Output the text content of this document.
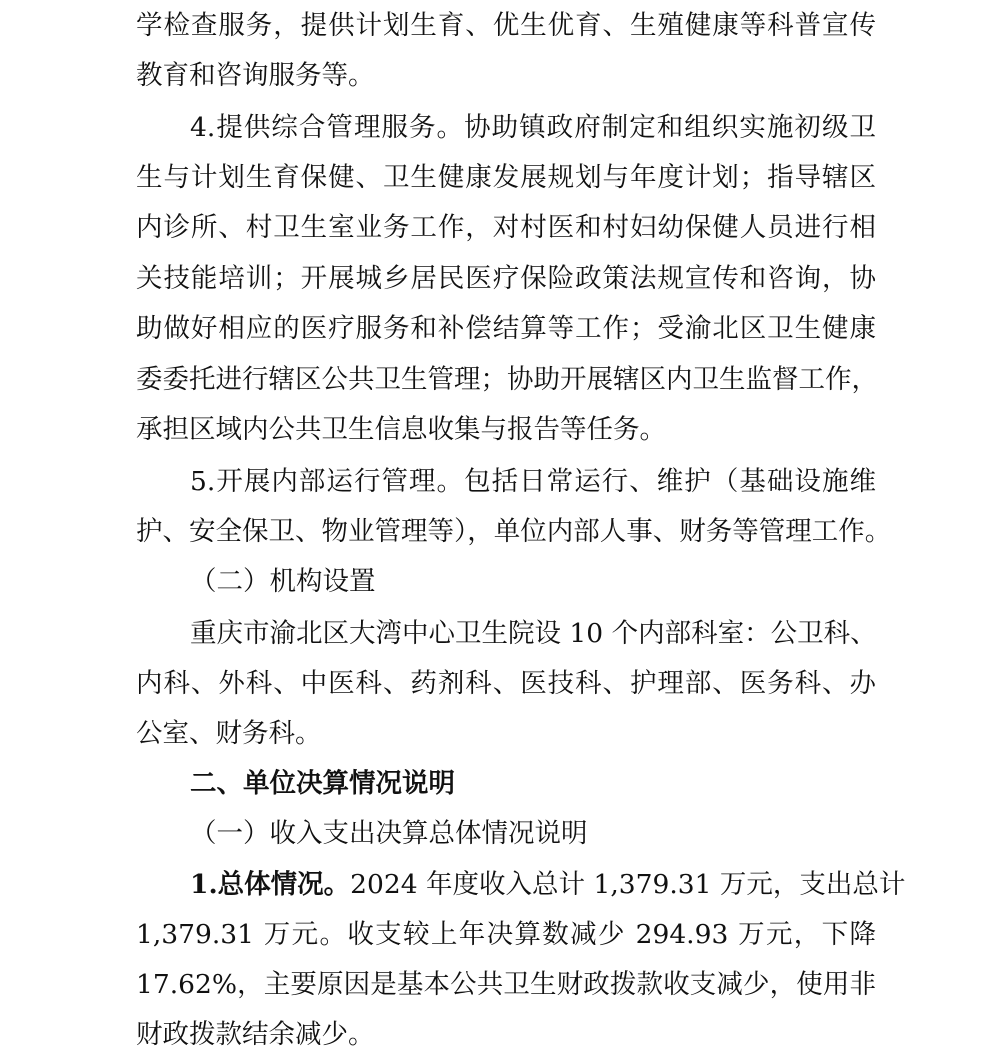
学检查服务，提供计划生育、优生优育、生殖健康等科普宣传
教育和咨询服务等。
4.提供综合管理服务。协助镇政府制定和组织实施初级卫
生与计划生育保健、卫生健康发展规划与年度计划；指导辖区
内诊所、村卫生室业务工作，对村医和村妇幼保健人员进行相
关技能培训；开展城乡居民医疗保险政策法规宣传和咨询，协
助做好相应的医疗服务和补偿结算等工作；受渝北区卫生健康
委委托进行辖区公共卫生管理；协助开展辖区内卫生监督工作，
承担区域内公共卫生信息收集与报告等任务。
5.开展内部运行管理。包括日常运行、维护（基础设施维
护、安全保卫、物业管理等），单位内部人事、财务等管理工作。
（二）机构设置
重庆市渝北区大湾中心卫生院设 10 个内部科室：公卫科、
内科、外科、中医科、药剂科、医技科、护理部、医务科、办
公室、财务科。
二、单位决算情况说明
（一）收入支出决算总体情况说明
1.总体情况。 2024 年度收入总计 1,379.31 万元，支出总计
1,379.31 万元。收支较上年决算数减少 294.93 万元，下降
17.62%，主要原因是基本公共卫生财政拨款收支减少，使用非
财政拨款结余减少。
